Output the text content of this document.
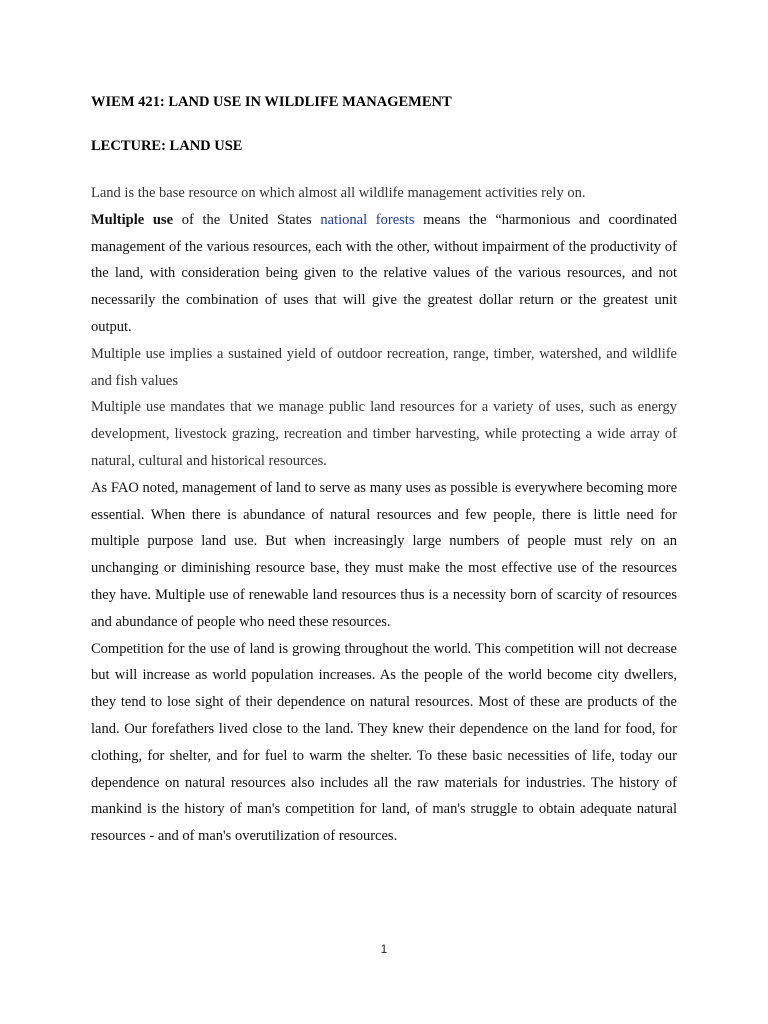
WIEM 421: LAND USE IN WILDLIFE MANAGEMENT
LECTURE: LAND USE

Land is the base resource on which almost all wildlife management activities rely on.

Multiple use of the United States national forests means the “harmonious and coordinated management of the various resources, each with the other, without impairment of the productivity of the land, with consideration being given to the relative values of the various resources, and not necessarily the combination of uses that will give the greatest dollar return or the greatest unit output.

Multiple use implies a sustained yield of outdoor recreation, range, timber, watershed, and wildlife and fish values

Multiple use mandates that we manage public land resources for a variety of uses, such as energy development, livestock grazing, recreation and timber harvesting, while protecting a wide array of natural, cultural and historical resources.

As FAO noted, management of land to serve as many uses as possible is everywhere becoming more essential. When there is abundance of natural resources and few people, there is little need for multiple purpose land use. But when increasingly large numbers of people must rely on an unchanging or diminishing resource base, they must make the most effective use of the resources they have. Multiple use of renewable land resources thus is a necessity born of scarcity of resources and abundance of people who need these resources.

Competition for the use of land is growing throughout the world. This competition will not decrease but will increase as world population increases. As the people of the world become city dwellers, they tend to lose sight of their dependence on natural resources. Most of these are products of the land. Our forefathers lived close to the land. They knew their dependence on the land for food, for clothing, for shelter, and for fuel to warm the shelter. To these basic necessities of life, today our dependence on natural resources also includes all the raw materials for industries. The history of mankind is the history of man's competition for land, of man's struggle to obtain adequate natural resources - and of man's overutilization of resources.

1
